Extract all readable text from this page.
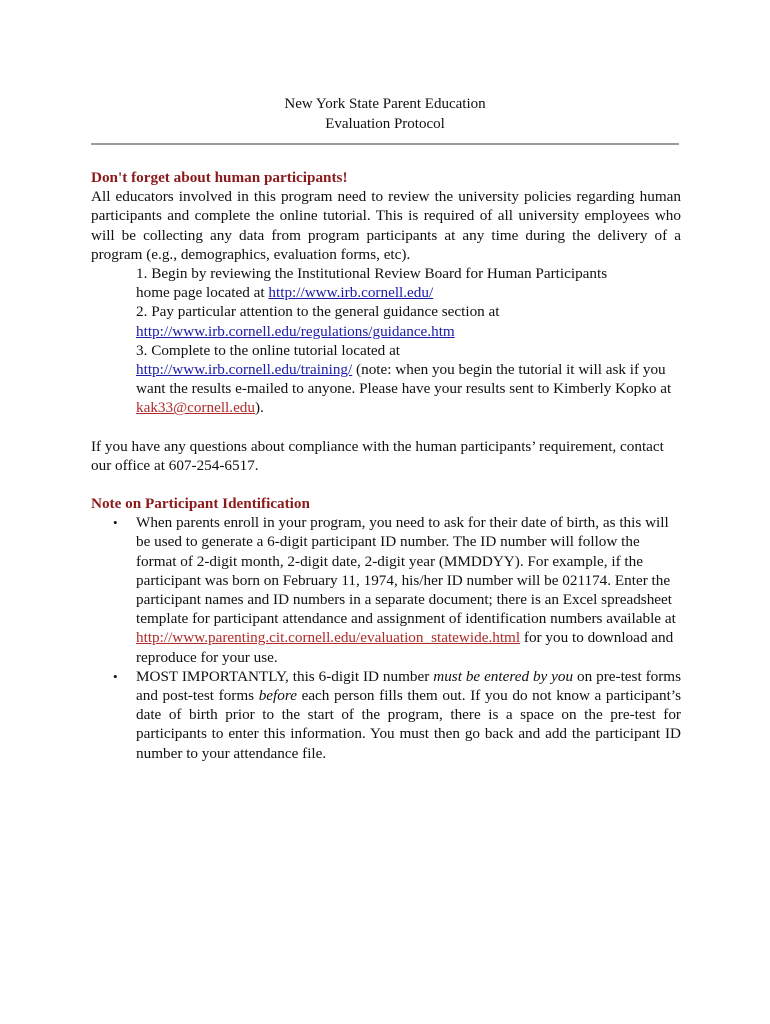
New York State Parent Education
Evaluation Protocol

Don't forget about human participants!

All educators involved in this program need to review the university policies regarding human participants and complete the online tutorial. This is required of all university employees who will be collecting any data from program participants at any time during the delivery of a program (e.g., demographics, evaluation forms, etc).

1. Begin by reviewing the Institutional Review Board for Human Participants

home page located at http://www.irb.cornell.edu/

2. Pay particular attention to the general guidance section at

http://www.irb.cornell.edu/regulations/guidance.htm

3. Complete to the online tutorial located at

http://www.irb.cornell.edu/training/ (note: when you begin the tutorial it will ask if you want the results e-mailed to anyone. Please have your results sent to Kimberly Kopko at kak33@cornell.edu).

If you have any questions about compliance with the human participants’ requirement, contact our office at 607-254-6517.

Note on Participant Identification

• When parents enroll in your program, you need to ask for their date of birth, as this will be used to generate a 6-digit participant ID number. The ID number will follow the format of 2-digit month, 2-digit date, 2-digit year (MMDDYY). For example, if the participant was born on February 11, 1974, his/her ID number will be 021174. Enter the participant names and ID numbers in a separate document; there is an Excel spreadsheet template for participant attendance and assignment of identification numbers available at http://www.parenting.cit.cornell.edu/evaluation_statewide.html for you to download and reproduce for your use.
• MOST IMPORTANTLY, this 6-digit ID number must be entered by you on pre-test forms and post-test forms before each person fills them out. If you do not know a participant’s date of birth prior to the start of the program, there is a space on the pre-test for participants to enter this information. You must then go back and add the participant ID number to your attendance file.
